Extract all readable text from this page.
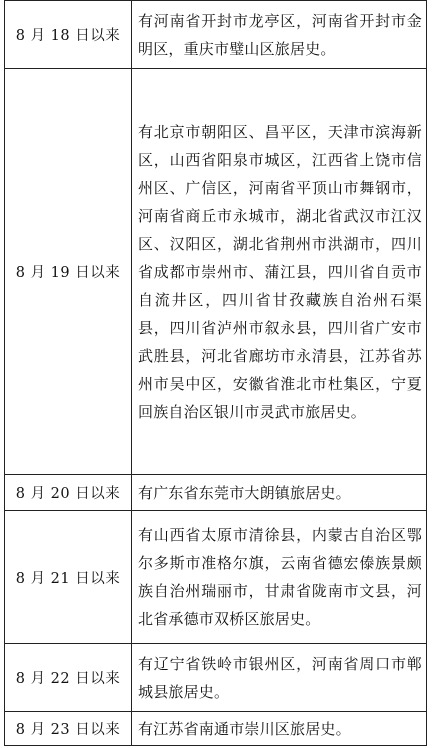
8 月 18 日以来	有河南省开封市龙亭区，河南省开封市金明区，重庆市璧山区旅居史。
8 月 19 日以来	有北京市朝阳区、昌平区，天津市滨海新区，山西省阳泉市城区，江西省上饶市信州区、广信区，河南省平顶山市舞钢市，河南省商丘市永城市，湖北省武汉市江汉区、汉阳区，湖北省荆州市洪湖市，四川省成都市崇州市、蒲江县，四川省自贡市自流井区，四川省甘孜藏族自治州石渠县，四川省泸州市叙永县，四川省广安市武胜县，河北省廊坊市永清县，江苏省苏州市吴中区，安徽省淮北市杜集区，宁夏回族自治区银川市灵武市旅居史。
8 月 20 日以来	有广东省东莞市大朗镇旅居史。
8 月 21 日以来	有山西省太原市清徐县，内蒙古自治区鄂尔多斯市准格尔旗，云南省德宏傣族景颇族自治州瑞丽市，甘肃省陇南市文县，河北省承德市双桥区旅居史。
8 月 22 日以来	有辽宁省铁岭市银州区，河南省周口市郸城县旅居史。
8 月 23 日以来	有江苏省南通市崇川区旅居史。
